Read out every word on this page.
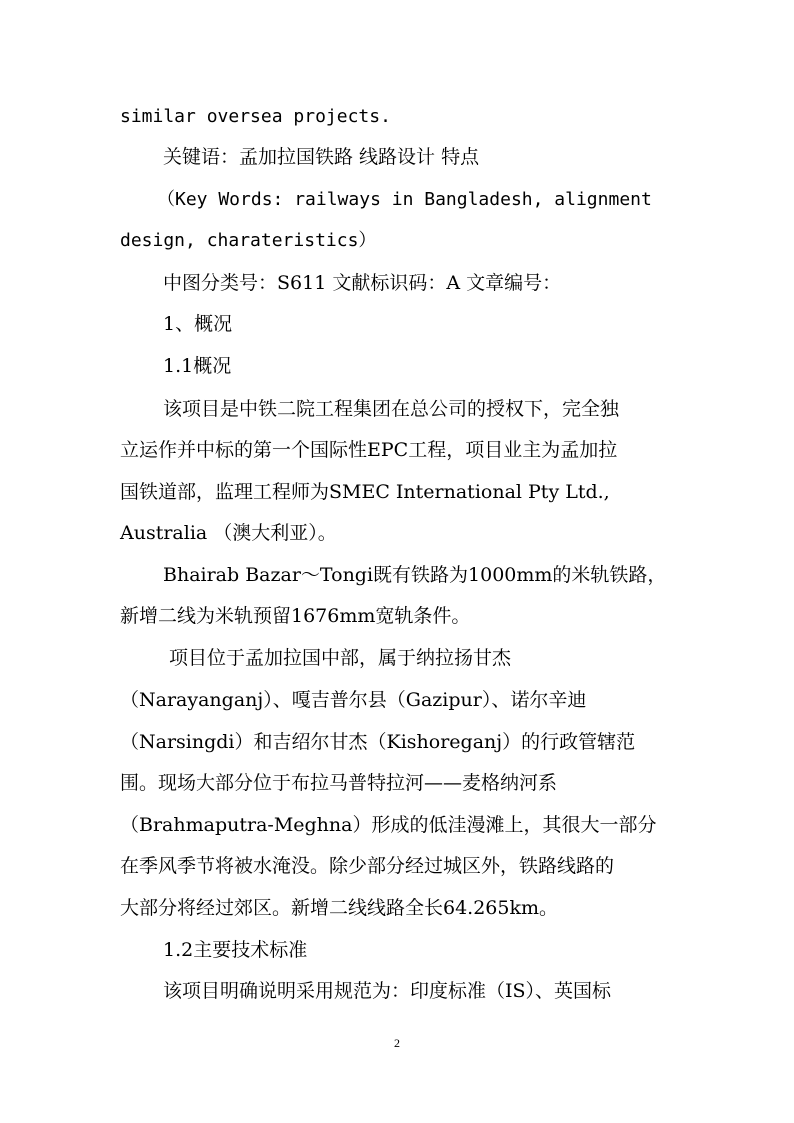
similar oversea projects.
关键语：孟加拉国铁路 线路设计 特点
（Key Words: railways in Bangladesh, alignment
design, charateristics）
中图分类号：S611 文献标识码：A 文章编号：
1、概况
1.1概况
该项目是中铁二院工程集团在总公司的授权下，完全独
立运作并中标的第一个国际性EPC工程，项目业主为孟加拉
国铁道部，监理工程师为SMEC International Pty Ltd.,
Australia （澳大利亚）。
Bhairab Bazar～Tongi既有铁路为1000mm的米轨铁路，
新增二线为米轨预留1676mm宽轨条件。
项目位于孟加拉国中部，属于纳拉扬甘杰
（Narayanganj）、嘎吉普尔县（Gazipur）、诺尔辛迪
（Narsingdi）和吉绍尔甘杰（Kishoreganj）的行政管辖范
围。现场大部分位于布拉马普特拉河——麦格纳河系
（Brahmaputra-Meghna）形成的低洼漫滩上，其很大一部分
在季风季节将被水淹没。除少部分经过城区外，铁路线路的
大部分将经过郊区。新增二线线路全长64.265km。
1.2主要技术标准
该项目明确说明采用规范为：印度标准（IS）、英国标
2
